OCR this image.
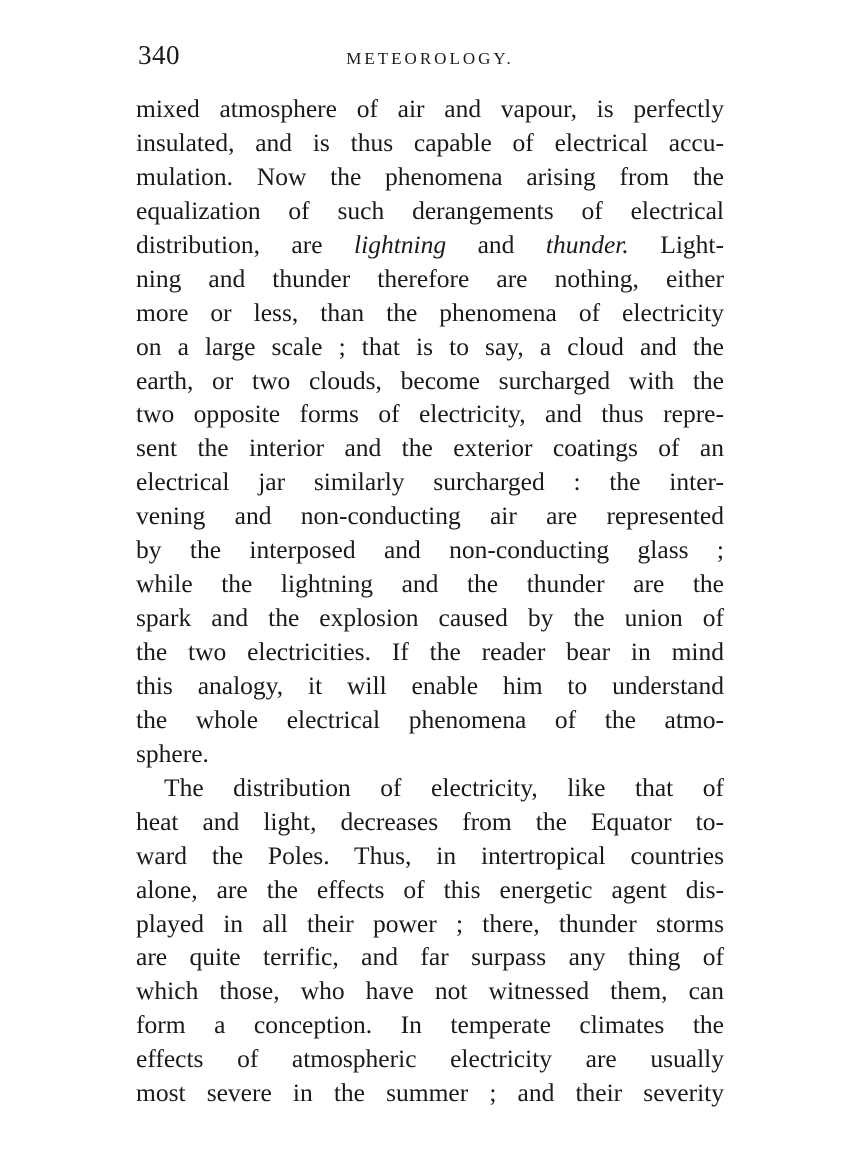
340	METEOROLOGY.
mixed atmosphere of air and vapour, is perfectly
insulated, and is thus capable of electrical accu-
mulation. Now the phenomena arising from the
equalization of such derangements of electrical
distribution, are lightning and thunder. Light-
ning and thunder therefore are nothing, either
more or less, than the phenomena of electricity
on a large scale ; that is to say, a cloud and the
earth, or two clouds, become surcharged with the
two opposite forms of electricity, and thus repre-
sent the interior and the exterior coatings of an
electrical jar similarly surcharged : the inter-
vening and non-conducting air are represented
by the interposed and non-conducting glass ;
while the lightning and the thunder are the
spark and the explosion caused by the union of
the two electricities. If the reader bear in mind
this analogy, it will enable him to understand
the whole electrical phenomena of the atmo-
sphere.
The distribution of electricity, like that of
heat and light, decreases from the Equator to-
ward the Poles. Thus, in intertropical countries
alone, are the effects of this energetic agent dis-
played in all their power ; there, thunder storms
are quite terrific, and far surpass any thing of
which those, who have not witnessed them, can
form a conception. In temperate climates the
effects of atmospheric electricity are usually
most severe in the summer ; and their severity
